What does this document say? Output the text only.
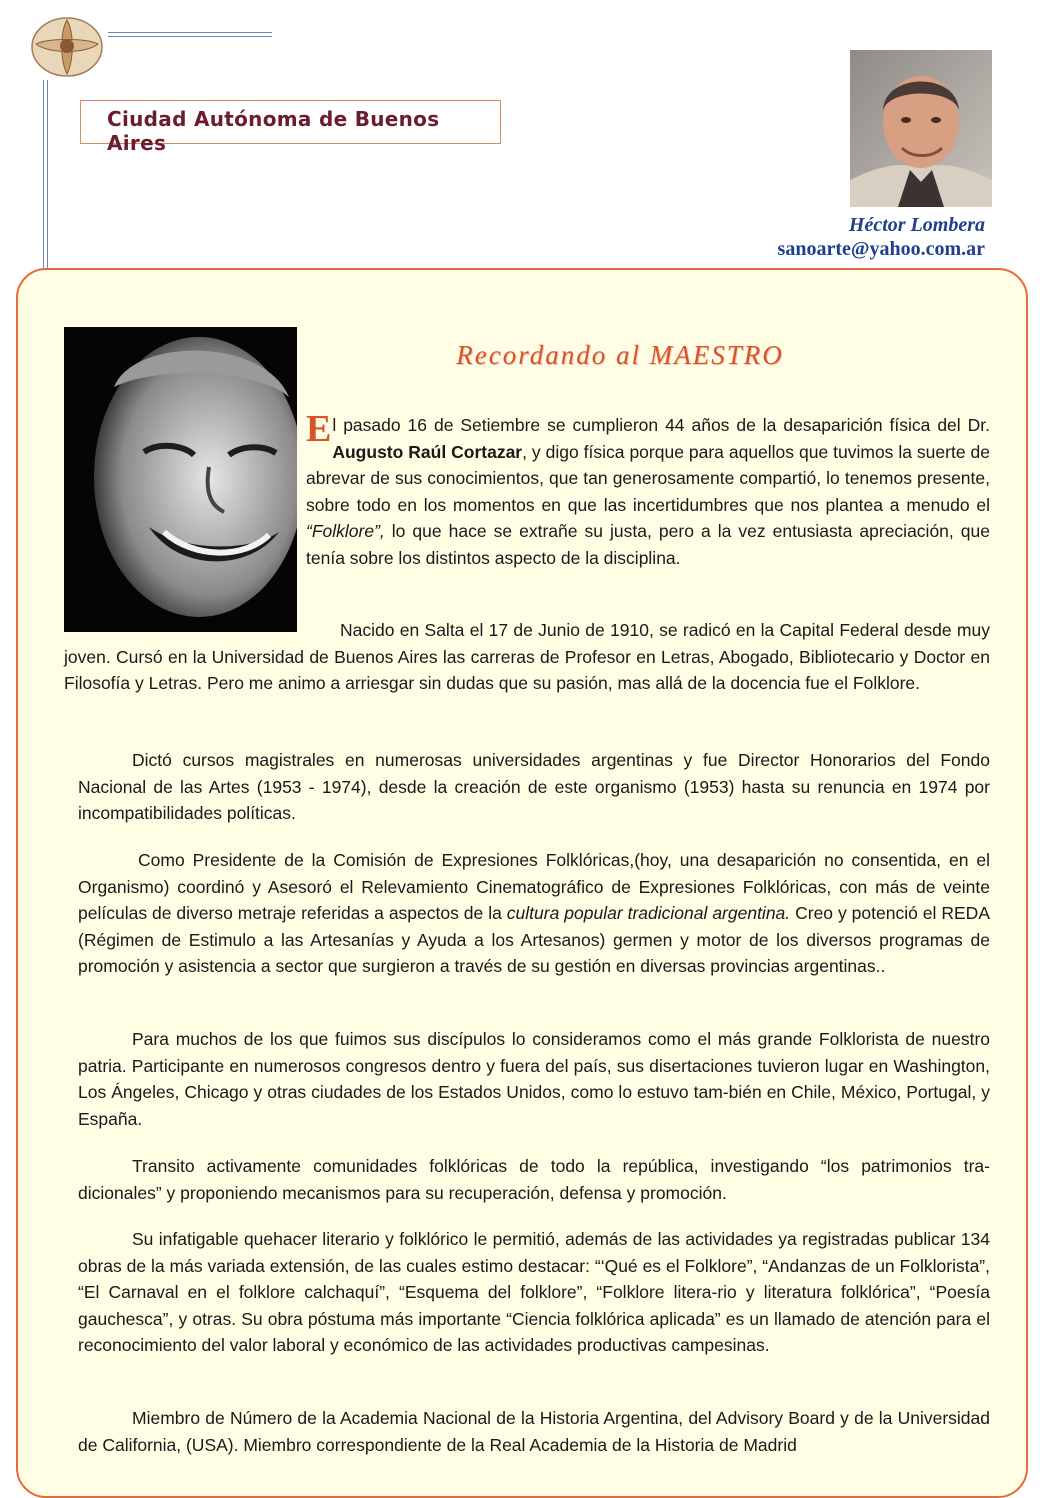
Ciudad Autónoma de Buenos Aires
Héctor Lombera
sanoarte@yahoo.com.ar
Recordando al MAESTRO
El pasado 16 de Setiembre se cumplieron 44 años de la desaparición física del Dr. Augusto Raúl Cortazar, y digo física porque para aquellos que tuvimos la suerte de abrevar de sus conocimientos, que tan generosamente compartió, lo tenemos presente, sobre todo en los momentos en que las incertidumbres que nos plantea a menudo el “Folklore”, lo que hace se extrañe su justa, pero a la vez entusiasta apreciación, que tenía sobre los distintos aspecto de la disciplina.
Nacido en Salta el 17 de Junio de 1910, se radicó en la Capital Federal desde muy joven. Cursó en la Universidad de Buenos Aires las carreras de Profesor en Letras, Abogado, Bibliotecario y Doctor en Filosofía y Letras. Pero me animo a arriesgar sin dudas que su pasión, mas allá de la docencia fue el Folklore.
Dictó cursos magistrales en numerosas universidades argentinas y fue Director Honorarios del Fondo Nacional de las Artes (1953 - 1974), desde la creación de este organismo (1953) hasta su renuncia en 1974 por incompatibilidades políticas.
Como Presidente de la Comisión de Expresiones Folklóricas,(hoy, una desaparición no consentida, en el Organismo) coordinó y Asesoró el Relevamiento Cinematográfico de Expresiones Folklóricas, con más de veinte películas de diverso metraje referidas a aspectos de la cultura popular tradicional argentina. Creo y potenció el REDA (Régimen de Estimulo a las Artesanías y Ayuda a los Artesanos) germen y motor de los diversos programas de promoción y asistencia a sector que surgieron a través de su gestión en diversas provincias argentinas..
Para muchos de los que fuimos sus discípulos lo consideramos como el más grande Folklorista de nuestro patria. Participante en numerosos congresos dentro y fuera del país, sus disertaciones tuvieron lugar en Washington, Los Ángeles, Chicago y otras ciudades de los Estados Unidos, como lo estuvo tam-bién en Chile, México, Portugal, y España.
Transito activamente comunidades folklóricas de todo la república, investigando “los patrimonios tra-dicionales” y proponiendo mecanismos para su recuperación, defensa y promoción.
Su infatigable quehacer literario y folklórico le permitió, además de las actividades ya registradas publicar 134 obras de la más variada extensión, de las cuales estimo destacar: “‘Qué es el Folklore”, “Andanzas de un Folklorista”, “El Carnaval en el folklore calchaquí”, “Esquema del folklore”, “Folklore litera-rio y literatura folklórica”, “Poesía gauchesca”, y otras. Su obra póstuma más importante “Ciencia folklórica aplicada” es un llamado de atención para el reconocimiento del valor laboral y económico de las actividades productivas campesinas.
Miembro de Número de la Academia Nacional de la Historia Argentina, del Advisory Board y de la Universidad de California, (USA). Miembro correspondiente de la Real Academia de la Historia de Madrid
